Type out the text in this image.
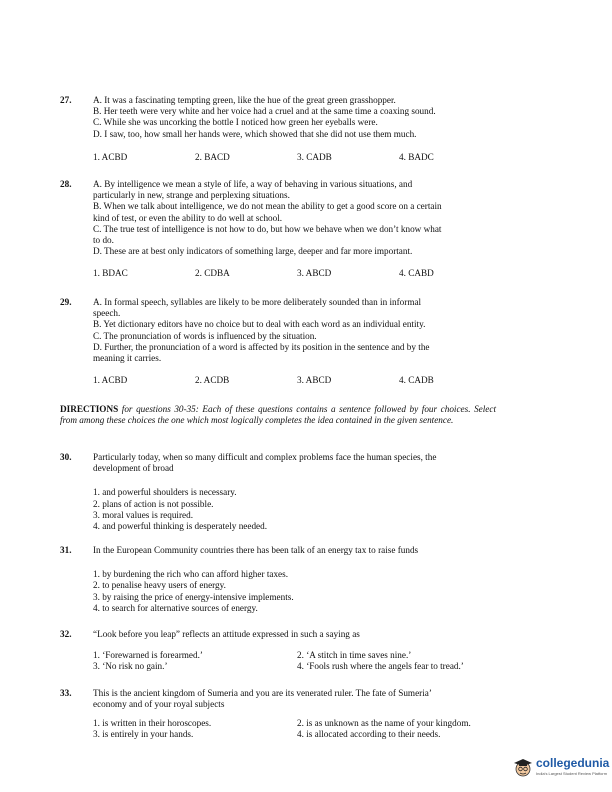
27.	A. It was a fascinating tempting green, like the hue of the great green grasshopper.
B. Her teeth were very white and her voice had a cruel and at the same time a coaxing sound.
C. While she was uncorking the bottle I noticed how green her eyeballs were.
D. I saw, too, how small her hands were, which showed that she did not use them much.
1. ACBD	2. BACD	3. CADB	4. BADC
28.	A. By intelligence we mean a style of life, a way of behaving in various situations, and
particularly in new, strange and perplexing situations.
B. When we talk about intelligence, we do not mean the ability to get a good score on a certain
kind of test, or even the ability to do well at school.
C. The true test of intelligence is not how to do, but how we behave when we don’t know what
to do.
D. These are at best only indicators of something large, deeper and far more important.
1. BDAC	2. CDBA	3. ABCD	4. CABD
29.	A. In formal speech, syllables are likely to be more deliberately sounded than in informal
speech.
B. Yet dictionary editors have no choice but to deal with each word as an individual entity.
C. The pronunciation of words is influenced by the situation.
D. Further, the pronunciation of a word is affected by its position in the sentence and by the
meaning it carries.
1. ACBD	2. ACDB	3. ABCD	4. CADB
DIRECTIONS for questions 30-35: Each of these questions contains a sentence followed by four choices. Select from among these choices the one which most logically completes the idea contained in the given sentence.
30.	Particularly today, when so many difficult and complex problems face the human species, the
development of broad
1. and powerful shoulders is necessary.
2. plans of action is not possible.
3. moral values is required.
4. and powerful thinking is desperately needed.
31.	In the European Community countries there has been talk of an energy tax to raise funds
1. by burdening the rich who can afford higher taxes.
2. to penalise heavy users of energy.
3. by raising the price of energy-intensive implements.
4. to search for alternative sources of energy.
32.	“Look before you leap” reflects an attitude expressed in such a saying as
1. ‘Forewarned is forearmed.’	2. ‘A stitch in time saves nine.’
3. ‘No risk no gain.’	4. ‘Fools rush where the angels fear to tread.’
33.	This is the ancient kingdom of Sumeria and you are its venerated ruler. The fate of Sumeria’
economy and of your royal subjects
1. is written in their horoscopes.	2. is as unknown as the name of your kingdom.
3. is entirely in your hands.	4. is allocated according to their needs.
collegedunia
India's Largest Student Review Platform
